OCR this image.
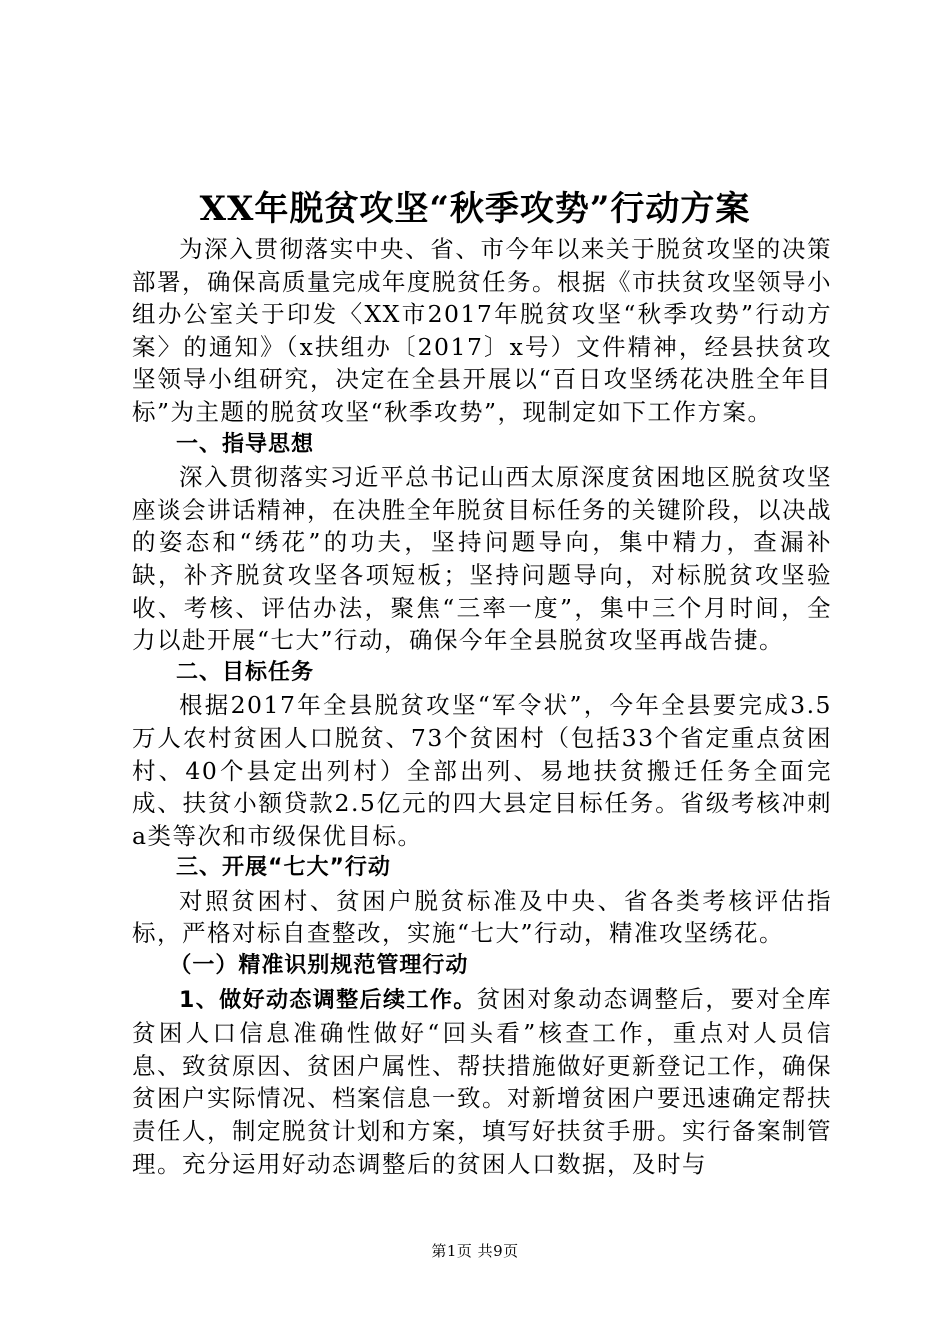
XX年脱贫攻坚“秋季攻势”行动方案

为深入贯彻落实中央、省、市今年以来关于脱贫攻坚的决策部署，确保高质量完成年度脱贫任务。根据《市扶贫攻坚领导小组办公室关于印发〈XX市2017年脱贫攻坚“秋季攻势”行动方案〉的通知》（x扶组办〔2017〕x号）文件精神，经县扶贫攻坚领导小组研究，决定在全县开展以“百日攻坚绣花决胜全年目标”为主题的脱贫攻坚“秋季攻势”，现制定如下工作方案。

一、指导思想

深入贯彻落实习近平总书记山西太原深度贫困地区脱贫攻坚座谈会讲话精神，在决胜全年脱贫目标任务的关键阶段，以决战的姿态和“绣花”的功夫，坚持问题导向，集中精力，查漏补缺，补齐脱贫攻坚各项短板；坚持问题导向，对标脱贫攻坚验收、考核、评估办法，聚焦“三率一度”，集中三个月时间，全力以赴开展“七大”行动，确保今年全县脱贫攻坚再战告捷。

二、目标任务

根据2017年全县脱贫攻坚“军令状”，今年全县要完成3.5万人农村贫困人口脱贫、73个贫困村（包括33个省定重点贫困村、40个县定出列村）全部出列、易地扶贫搬迁任务全面完成、扶贫小额贷款2.5亿元的四大县定目标任务。省级考核冲刺a类等次和市级保优目标。

三、开展“七大”行动

对照贫困村、贫困户脱贫标准及中央、省各类考核评估指标，严格对标自查整改，实施“七大”行动，精准攻坚绣花。

（一）精准识别规范管理行动

1、做好动态调整后续工作。贫困对象动态调整后，要对全库贫困人口信息准确性做好“回头看”核查工作，重点对人员信息、致贫原因、贫困户属性、帮扶措施做好更新登记工作，确保贫困户实际情况、档案信息一致。对新增贫困户要迅速确定帮扶责任人，制定脱贫计划和方案，填写好扶贫手册。实行备案制管理。充分运用好动态调整后的贫困人口数据，及时与

第1页 共9页
